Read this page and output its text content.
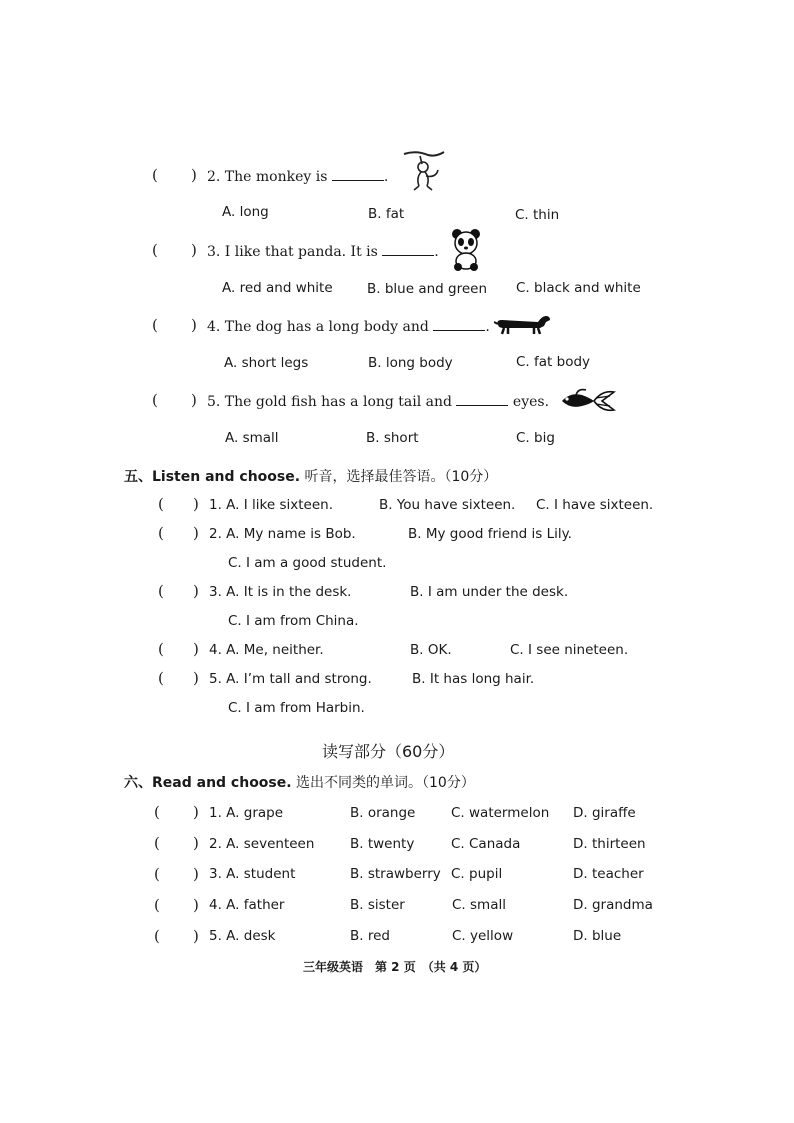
( ) 2. The monkey is	.
A. long	B. fat	C. thin
( ) 3. I like that panda. It is	.
A. red and white	B. blue and green C. black and white
( ) 4. The dog has a long body and	.
A. short legs	B. long body	C. fat body
( ) 5. The gold fish has a long tail and	eyes.
A. small	B. short	C. big
五、Listen and choose. 听音，选择最佳答语。（10分）
( ) 1. A. I like sixteen.	B. You have sixteen. C. I have sixteen.
( ) 2. A. My name is Bob.	B. My good friend is Lily.
C. I am a good student.
( ) 3. A. It is in the desk.	B. I am under the desk.
C. I am from China.
( ) 4. A. Me, neither.	B. OK.	C. I see nineteen.
( ) 5. A. I’m tall and strong.	B. It has long hair.
C. I am from Harbin.
读写部分（60分）
六、Read and choose. 选出不同类的单词。（10分）
( ) 1. A. grape	B. orange	C. watermelon D. giraffe
( ) 2. A. seventeen	B. twenty	C. Canada	D. thirteen
( ) 3. A. student	B. strawberry C. pupil	D. teacher
( ) 4. A. father	B. sister	C. small	D. grandma
( ) 5. A. desk	B. red	C. yellow	D. blue
三年级英语　第 2 页　（共 4 页）
